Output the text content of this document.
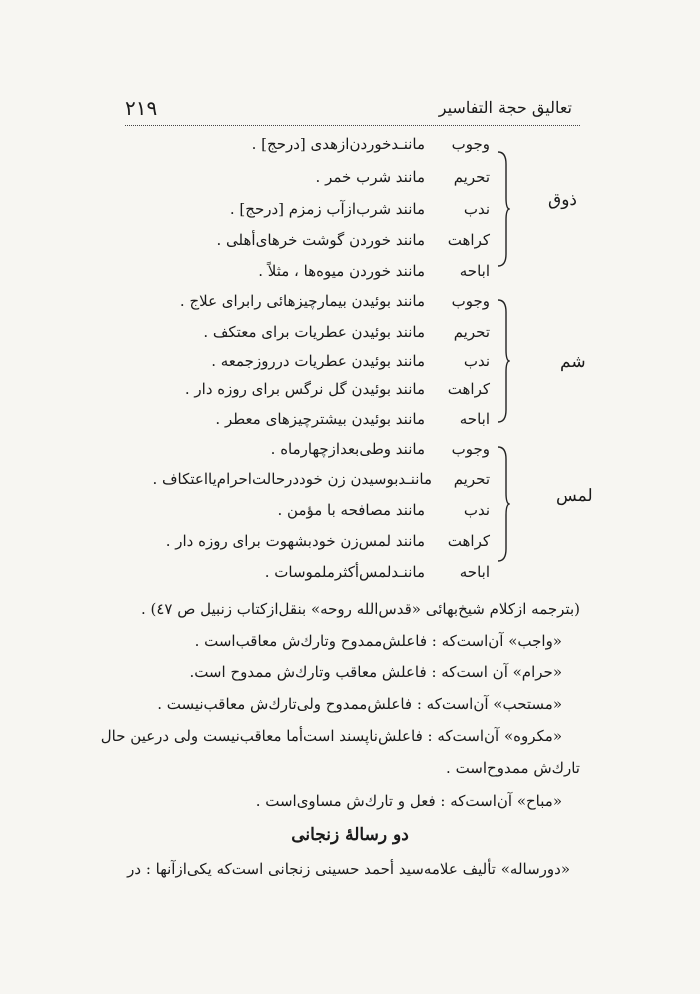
٢١٩	تعاليق حجة التفاسير
ذوق
وجوب
ماننـدخوردن‌ازهدی [درحج] .
تحريم
مانند شرب خمر .
ندب
مانند شرب‌ازآب زمزم [درحج] .
كراهت
مانند خوردن گوشت خرهای‌أهلی .
اباحه
مانند خوردن ميوه‌ها ، مثلاً .
شم
وجوب
مانند بوئيدن بيمارچيزهائی رابرای علاج .
تحريم
مانند بوئيدن عطريات برای معتكف .
ندب
مانند بوئيدن عطريات درروزجمعه .
كراهت
مانند بوئيدن گل نرگس برای روزه دار .
اباحه
مانند بوئيدن بيشترچيزهای معطر .
لمس
وجوب
مانند وطی‌بعدازچهارماه .
تحريم
ماننـدبوسيدن زن خوددرحالت‌احرام‌يااعتكاف .
ندب
مانند مصافحه با مؤمن .
كراهت
مانند لمس‌زن خودبشهوت برای روزه دار .
اباحه
ماننـدلمس‌أكثرملموسات .
(بترجمه ازكلام شيخ‌بهائی «قدس‌الله روحه» بنقل‌ازكتاب زنبيل ص ٤٧) .
«واجب» آن‌است‌كه : فاعلش‌ممدوح وتارك‌ش معاقب‌است .
«حرام» آن است‌كه : فاعلش معاقب وتارك‌ش ممدوح است.
«مستحب» آن‌است‌كه : فاعلش‌ممدوح ولی‌تارك‌ش معاقب‌نيست .
«مكروه» آن‌است‌كه : فاعلش‌ناپسند است‌أما معاقب‌نيست ولی درعين حال
تارك‌ش ممدوح‌است .
«مباح» آن‌است‌كه : فعل و تارك‌ش مساوی‌است .
دو رسالۀ زنجانی
«دورساله» تأليف علامه‌سيد أحمد حسينی زنجانی است‌كه يكی‌ازآنها : در
